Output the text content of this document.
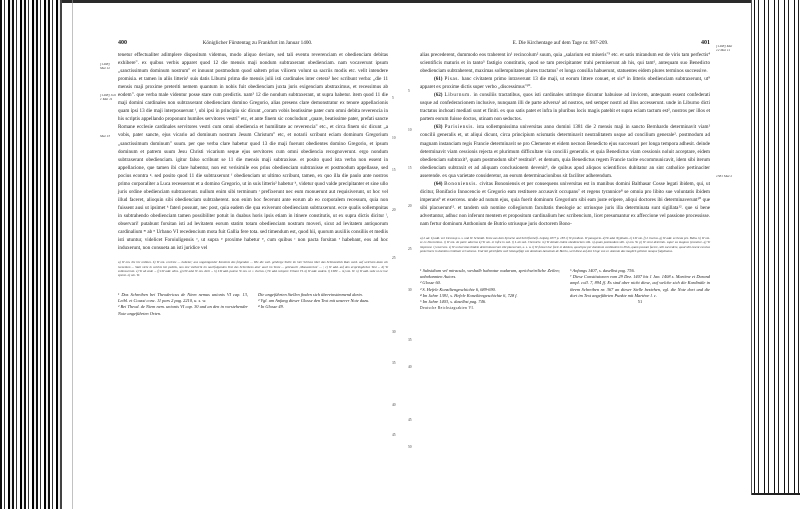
400	Königlicher Fürstentag zu Frankfurt im Januar 1400.

tenetur effectualiter adimplere dispositum videmus, modo aliquo deviare, sed tali eventu reverenciam et obedienciam debitas exhibere". ex quibus verbis apparet quod 12 die mensis maji nondum subtraxerant obedienciam. nam vocaverunt ipsum „sanctissimum dominum nostrum" et innuunt postmodum quod saltem prius vilicem volunt sa sacriis modis etc. velit intendere promisia. et tamen in aliis litteris¹ suis datis Liburni prima die mensis julii isti cardinales inter cetera² hec scribunt verba: „die 11 mensis maji proxime preteriti nemem quantum in nobis fuit obedienciam juxta juris exigenciam abstraximus, et recessimus ab eodem". que verba male videntur posse stare cum predictis. nam³ 12 die nondum subtraxerant, ut supra habetur. item quod 11 die maji domini cardinales non subtraxerant obedienciam domino Gregorio, alias presens clare demonstratur ex tenore appellacionis quam ipsi 13 die maji interposuerunt ᶠ, ubi ipsi in principio sic dicunt „coram vobis beatissime pater cum omni debita reverencia in his scriptis appellando proponunt humiles servitores vestri" etc, et ante finem sic concludunt „quare, beatissime pater, prefati sancte Romane ecclesie cardinales servitores vestri cum omni obediencia et humilitate ac reverencia" etc., et circa finem sic dicunt „a vobis, pater sancte, ejus vicario ad dominum nostrum Jesum Christum" etc, et notarii scribunt eciam dominum Gregorium „sanctissimum dominum" suum. per que verba clare habetur quod 13 die maji fuerunt obedientes domino Gregorio, et ipsum dominum et patrem suum Jesu Christi vicarium seque ejus servitores cum omni obediencia recognoverunt. ergo nondum subtraxerant obedienciam. igitur falso scribunt se 11 die mensis maji subtraxisse. et posito quod ista verba non essent in appellacione, que tamen ibi clare habentur, non est verisimile eos prius obedienciam subtraxisse et postmodum appellasse, sed pocius econtra ᵍ. sed posito quod 11 die subtraxerunt ᶠ obedienciam ut ultimo scribunt, tamen, ex quo illa die paulo ante nostros primo corporaliter a Luca recesserunt et a domino Gregorio, ut in suis litteris² habetur ʰ, videtur quod valde precipitanter et sine ullo juris ordine obedienciam subtraxerunt. nullum enim sibi terminum ᶦ prefixerunt nec eum monuerunt aut requisiverunt, ut hoc vel illud faceret, alioquin sibi obedienciam subtraherent. non enim hoc fecerunt ante eorum ab eo corporalem recessum, quia non fuissent ausi ut ipsimet ᵏ fateri possunt, nec post, quia eadem die qua exiverunt obedienciam subtraxerunt. ecce qualis sollempnitas in subtrahendo obedienciam tamen possibiliter potuit in duabus horis ipsis etiam in itinere constitutis, ut ex supra dictis dicitur ˡ, observari! putabunt forsitan isti ad levitatem eorum statim totam obedienciam nostram moveri, sicut ad levitatem antiquorum cardinalium ᵐ ab ⁿ Urbano VI recedencium mota fuit Gallia fere tota. sed timendum est, quod hii, quorum auxiliis consiliis et mediis isti utuntur, videlicet Foroiuligensis ᵒ, ut supra ᵖ proxime habetur ᵠ, cum quibus ʳ non pacta forsitan ˢ habebant, eos ad hoc induxerunt, non consueta an isti juridice vel

a) W om. bis hic ordines. b) W om. ecclesie — habetur; aus ungenügender Kenntnis des folgenden ... Wie die weil. gehörige Stelle im hier Schluss über das Schlussstück Rats werd. auf welchem dann ein Genetium ... Statt viele in solchis bei peditis, non nisi vielleicht im nachfolgenden Text des Schreibens aber auch im Texte ... gebraucht ‚Monasterium‘ ... ; c) W add. auf den ursprünglichen Text ... d) W subtraxerunt. e) W ab ende ... f) LW add. ultra. g) LW add. W om. dicit ... h) LW add. patent. W om. ut = clarius. i) W add. tempore Urbani VI. k) W add. eadem. l) LWW ... m) om. W. n) W add. sede ut ex hoc sperat. o) om. W.

¹ Das Schreiben bei Theodericus de Niem nemus unionis VI cap. 13, Leibl. et Coussi conc. 11 pars 2 pag. 2210, u. s. w.

² Bei Theod. de Niem nem. unionis VI cap. 30 und an den in vorstehender Note angeführten Orten.

Die angeführten Stellen finden sich übereinstimmend darin.

³ Vgl. am Anfang dieser Glosse den Text mit unserer Note dazu.

⁴ In Glosse 49.

[1408] Mai 12
[1408] Juli 1 Mai 11
Mai 13
5
10
15
20
25
30
35
40
45
E. Die Kirchentage auf dem Tage nr. 987-209.	401

alias precederent, dummodo eos traherent in¹ recincolum² suum, quia „salarium est miseris"³ etc. et satis mirandum est de viris tam perfectis⁴ scientificis maturis et in tanto⁵ fastigio constitutis, quod se tam precipitanter trahi permiserunt ab his, qui tam⁶, antequam suo Benedicto obedienciam subtraherent, maximas sollempnitates plures tractatus⁷ et longa consilia habuerunt, statuentes eidem plures terminos successive.

(61) Pisas. hanc civitatem primo intraverunt 13 die maji, ut eorum littere conuet, et sic⁸ in litteris obedienciam subtraxerunt, ut⁹ apparet ex proxime dictis super verbo „discessimus"¹⁰.

(62) Liburnum. in consiliis tractatibus, quos isti cardinales utrimque dicuntur habuisse ad invicem, antequam essent confederati usque ad confederacionem inclusive, nunquam illi de parte adversa¹ ad nostros, sed semper nostri ad illos accesserunt. unde in Liburno dicti tractatus inchoati mediati sunt et finiti. ex quo satis patet et infra in pluribus locis magis patebit et supra eciam tactum est², nostros per illos et partem eorum fuisse doctos, utinam non seductos.

(63) Parisiensis. ista sollempnissima universitas anno domini 1381 die 2 mensis maji in sancto Bernhardo determinavit viam¹ concilii generalis et, ut aliqui dicunt, circa principium scismatis determinavit neutralitatem usque ad concilium generale². postmodum ad magnam instanciam regis Francie determinavit se pro Clemente et eidem necnon Benedicto ejus successori per longa tempora adhesit. deinde determinavit viam cessionis rejecta et plurimum difficultate via concilii generalis. et quia Benedictus viam cessionis noluit acceptare, eidem obedienciam subtraxit³, quam postmodum sibi⁴ restituit⁵. et demum, quia Benedictus regem Francie tacite excommunicavit, idem sibi iterum obedienciam subtraxit et ad aliquam conclusionem devenit⁶, de quibus apud aliquos scientificos dubitatur an sint catholice pertinaciter asserende. ex qua varietate consideretur, an eorum determinacionibus sit faciliter adherendum.

(64) Bononiensis. civitas Bononiensis et per consequens universitas est in manibus domini Balthasar Cosse legati ibidem, qui, ut dicitur, Bonifacio Innocencio et Gregorio eam restituere accusavit occupans⁷ et regens tyrannice⁸ se omnia pro libito sue voluntatis ibidem imperans⁹ et exercens. unde ad nutum ejus, quia fuerit dominum Gregorium sibi eam juste eripere, aliqui doctores ibi determinaverunt¹⁰ que sibi placuerunt¹¹. et tandem sub nomine collegiorum facultatis theologie ac utriusque juris illa determinata sunt sigillata¹². que si bene advertantur, adhuc non inferunt mentem et propositum cardinalium hec scribencium, licet presumantur ex affeccione vel passione processisse. nam fertur dominum Anthonium de Butrio utriusque juris doctorem Bono-

a) L ad. b) add. vel. Decosop u. s. und W. Schmidt. Texte aus dem Spruche und Schriftenheft. Leipzig 1877 p. 183 c) W predicat. W panegerio. d) W add. Nypilatio. e) LW om. f) L tractus. g) W add. ecclesia pre. Bulla. h) W om. se ex Decontinus. i) W om. de parte adversa k) W om. et infra in sed. l) L ab sed. Chronicle. m) W deinde eidem obediencium sibi. n) quam postmodum sibi. o) om. W. p) W sicut determin. super ea magnos tyrannice. q) W imperant. r) exercens. s) W universitas ibidem determinaverunt sibi placuerunt, u. s. w. t) W fuisset hoc forte et dubium, quod ipse per dominum cardinalem in Pisis, quam possunt facere, sibi succedere, quod sibi essent cunctas posteriores in dominio remittant vel subesse. Und mit gleichfalls weit hinzugefügt wie dominum Antonium de Butrio, weil diese auf den Unge von et. Antonio das maglich gelisten nunque fulgebanus.

¹ Subsidium vel miracula, weshalb habeatur nudarum, sprichwörtliche Zeilen; unbekannten Autors.

² Glosse 60.

³ S. Hefele Konziliengeschichte 6, 689-690.

⁴ Im Jahre 1381, s. Hefele Konziliengeschichte 6, 728 f.

⁵ Im Jahre 1403, s. daselbst pag. 746.

Deutsche Reichstagsakten VI.

⁶ Anfangs 1407, s. daselbst pag. 756.

⁷ Diese Constituionen vom 29 Dez. 1407 bis 1 Jan. 1408 s. Martène et Durand ampl. coll. 7, 894 ff. Es sind aber nicht diese, auf welche sich die Kardinäle in ihrem Schreiben nr. 367 an dieser Stelle beziehen, vgl. die Note dort und die dort im Text angeführten Punkte mit Martène l. c.

51

[1408] Mai 12 Mai 11
1381 Mai 2
5
10
15
20
25
30
35
40
45
50
